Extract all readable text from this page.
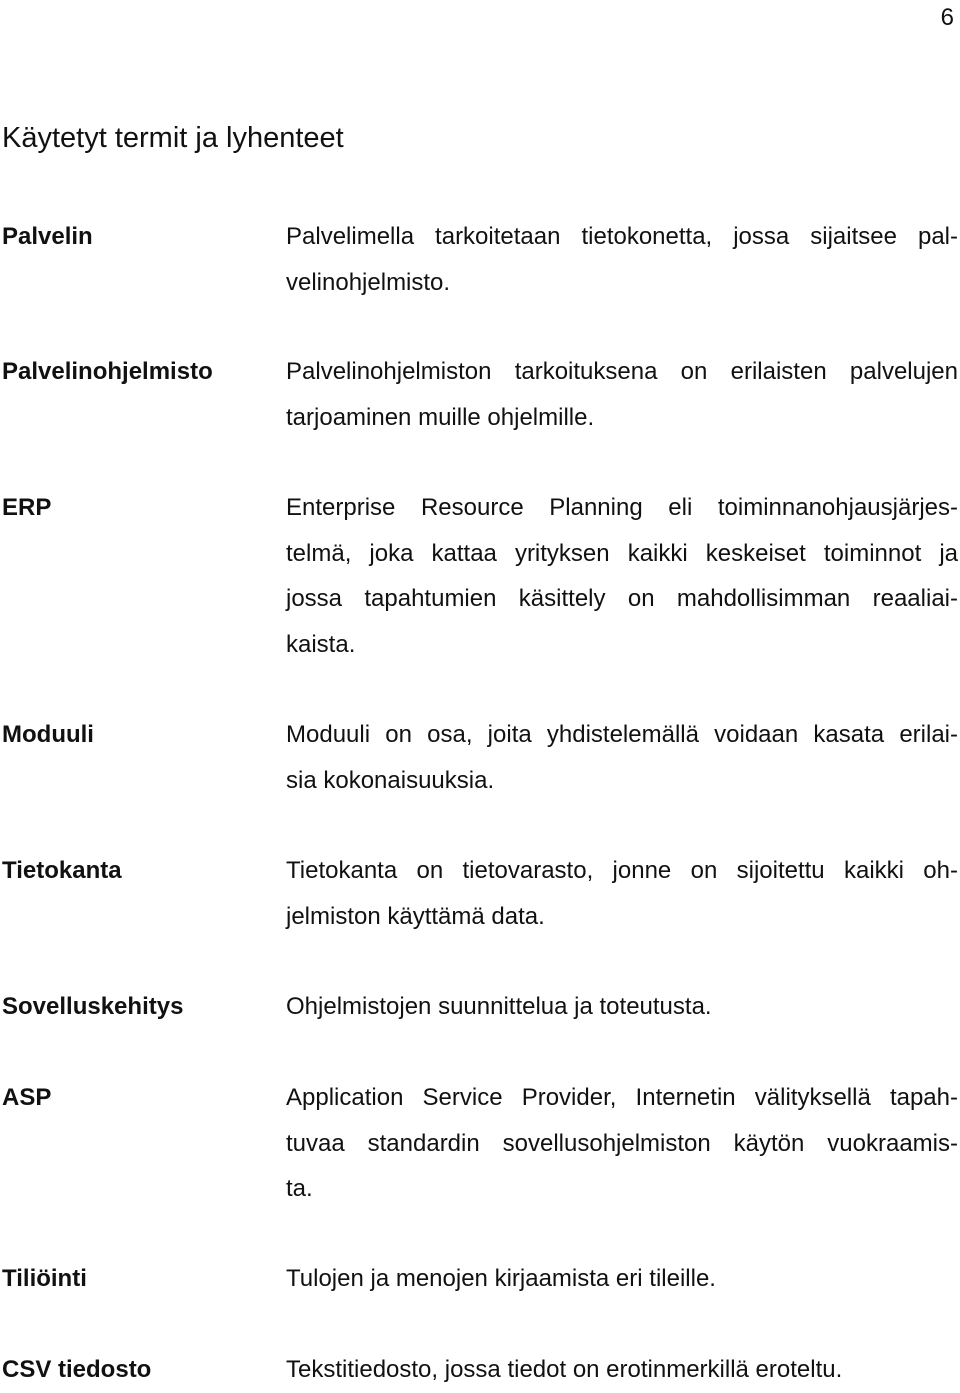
6
Käytetyt termit ja lyhenteet
Palvelin	Palvelimella tarkoitetaan tietokonetta, jossa sijaitsee pal-
velinohjelmisto.
Palvelinohjelmisto	Palvelinohjelmiston tarkoituksena on erilaisten palvelujen
tarjoaminen muille ohjelmille.
ERP	Enterprise Resource Planning eli toiminnanohjausjärjes-
telmä, joka kattaa yrityksen kaikki keskeiset toiminnot ja
jossa tapahtumien käsittely on mahdollisimman reaaliai-
kaista.
Moduuli	Moduuli on osa, joita yhdistelemällä voidaan kasata erilai-
sia kokonaisuuksia.
Tietokanta	Tietokanta on tietovarasto, jonne on sijoitettu kaikki oh-
jelmiston käyttämä data.
Sovelluskehitys	Ohjelmistojen suunnittelua ja toteutusta.
ASP	Application Service Provider, Internetin välityksellä tapah-
tuvaa standardin sovellusohjelmiston käytön vuokraamis-
ta.
Tiliöinti	Tulojen ja menojen kirjaamista eri tileille.
CSV tiedosto	Tekstitiedosto, jossa tiedot on erotinmerkillä eroteltu.
